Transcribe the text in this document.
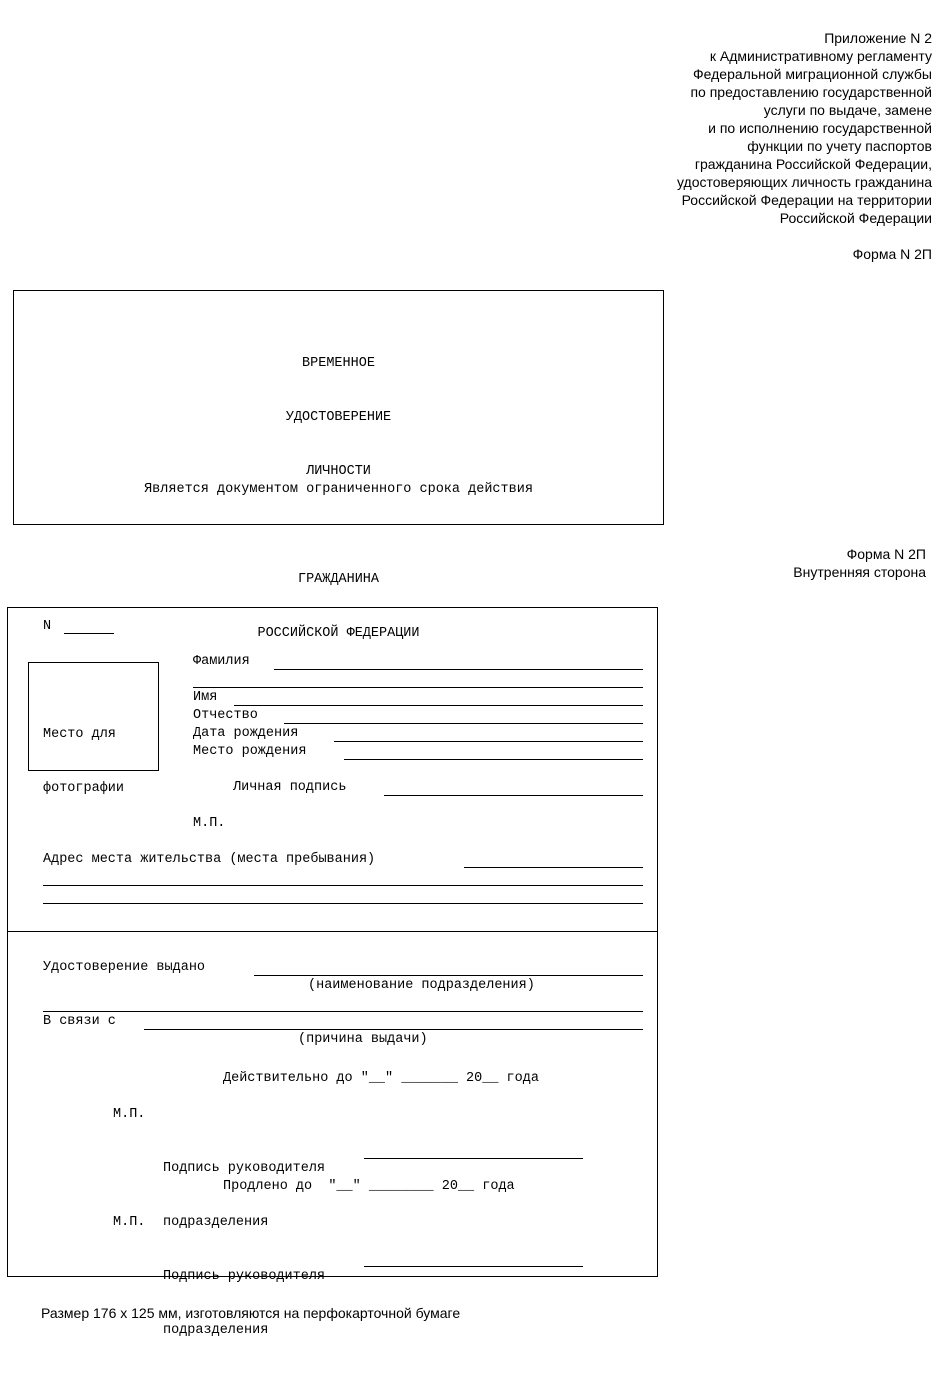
Приложение N 2
к Административному регламенту
Федеральной миграционной службы
по предоставлению государственной
услуги по выдаче, замене
и по исполнению государственной
функции по учету паспортов
гражданина Российской Федерации,
удостоверяющих личность гражданина
Российской Федерации на территории
Российской Федерации
Форма N 2П

ВРЕМЕННОЕ

УДОСТОВЕРЕНИЕ

ЛИЧНОСТИ

ГРАЖДАНИНА

РОССИЙСКОЙ ФЕДЕРАЦИИ

Является документом ограниченного срока действия
Форма N 2П
Внутренняя сторона
N

Место для

фотографии

Фамилия
Имя
Отчество
Дата рождения
Место рождения
Личная подпись
М.П.
Адрес места жительства (места пребывания)
Удостоверение выдано
(наименование подразделения)
В связи с
(причина выдачи)
Действительно до "__" _______ 20__ года
М.П.

Подпись руководителя

подразделения

Продлено до  "__" ________ 20__ года
М.П.

Подпись руководителя

подразделения

Размер 176 x 125 мм, изготовляются на перфокарточной бумаге
